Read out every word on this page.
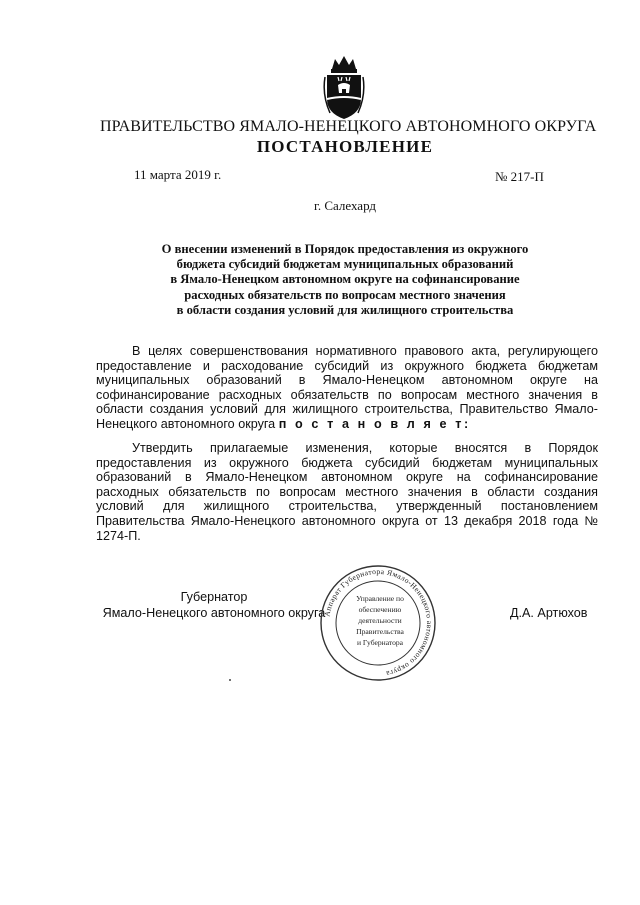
ПРАВИТЕЛЬСТВО ЯМАЛО-НЕНЕЦКОГО АВТОНОМНОГО ОКРУГА
ПОСТАНОВЛЕНИЕ
11 марта 2019 г.	№ 217-П
г. Салехард
О внесении изменений в Порядок предоставления из окружного
бюджета субсидий бюджетам муниципальных образований
в Ямало-Ненецком автономном округе на софинансирование
расходных обязательств по вопросам местного значения
в области создания условий для жилищного строительства
В целях совершенствования нормативного правового акта, регулирующего предоставление и расходование субсидий из окружного бюджета бюджетам муниципальных образований в Ямало-Ненецком автономном округе на софинансирование расходных обязательств по вопросам местного значения в области создания условий для жилищного строительства, Правительство Ямало-Ненецкого автономного округа п о с т а н о в л я е т:
Утвердить прилагаемые изменения, которые вносятся в Порядок предоставления из окружного бюджета субсидий бюджетам муниципальных образований в Ямало-Ненецком автономном округе на софинансирование расходных обязательств по вопросам местного значения в области создания условий для жилищного строительства, утвержденный постановлением Правительства Ямало-Ненецкого автономного округа от 13 декабря 2018 года № 1274-П.
Губернатор
Ямало-Ненецкого автономного округа
Аппарат Губернатора Ямало-Ненецкого автономного округа
Управление по
обеспечению
деятельности
Правительства
и Губернатора
Д.А. Артюхов
